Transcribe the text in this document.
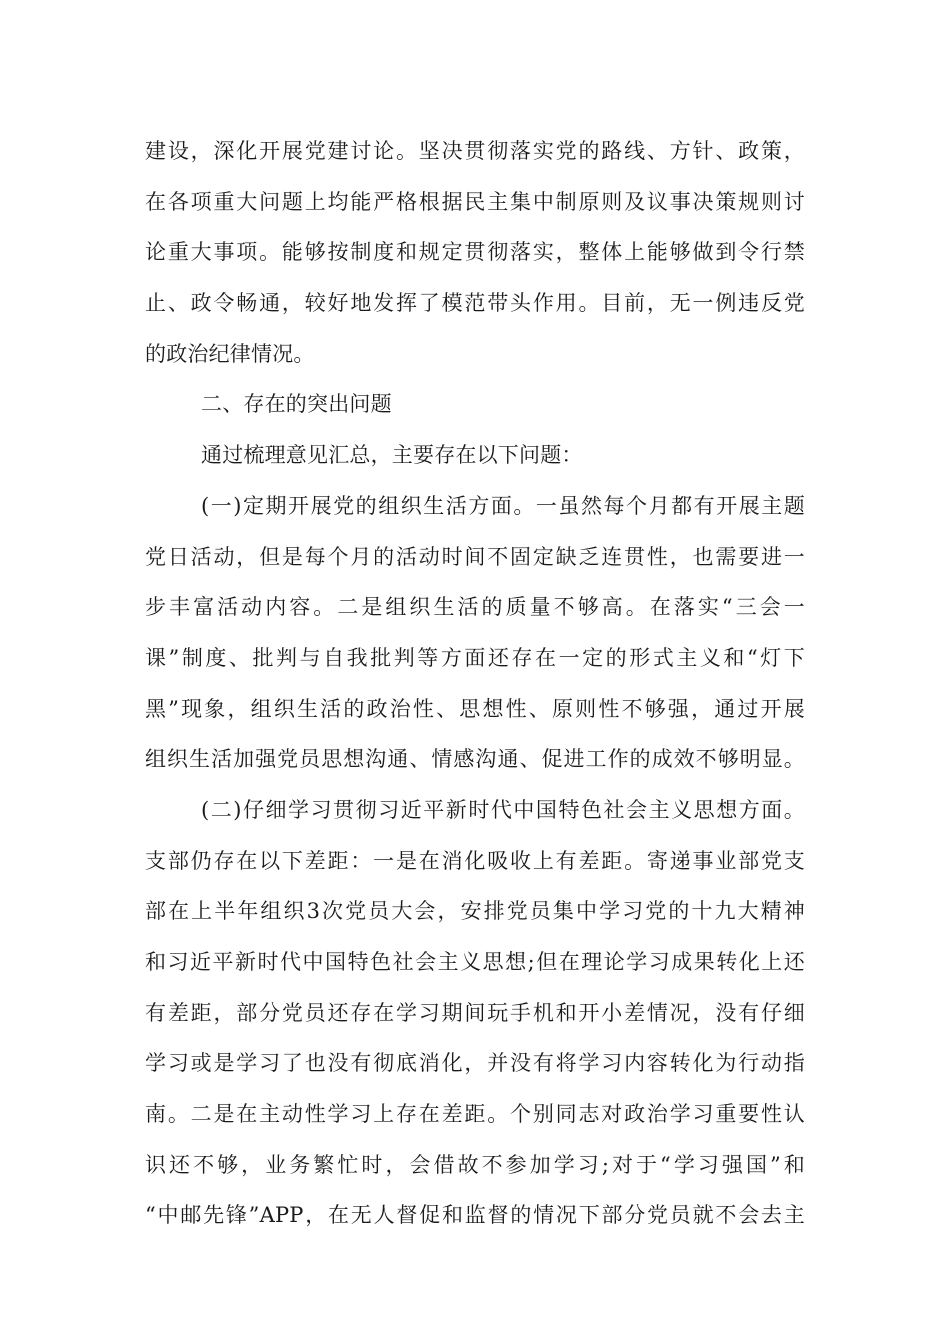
建设，深化开展党建讨论。坚决贯彻落实党的路线、方针、政策，
在各项重大问题上均能严格根据民主集中制原则及议事决策规则讨
论重大事项。能够按制度和规定贯彻落实，整体上能够做到令行禁
止、政令畅通，较好地发挥了模范带头作用。目前，无一例违反党
的政治纪律情况。
二、存在的突出问题
通过梳理意见汇总，主要存在以下问题：
(一)定期开展党的组织生活方面。一虽然每个月都有开展主题
党日活动，但是每个月的活动时间不固定缺乏连贯性，也需要进一
步丰富活动内容。二是组织生活的质量不够高。在落实“三会一
课”制度、批判与自我批判等方面还存在一定的形式主义和“灯下
黑”现象，组织生活的政治性、思想性、原则性不够强，通过开展
组织生活加强党员思想沟通、情感沟通、促进工作的成效不够明显。
(二)仔细学习贯彻习近平新时代中国特色社会主义思想方面。
支部仍存在以下差距：一是在消化吸收上有差距。寄递事业部党支
部在上半年组织3次党员大会，安排党员集中学习党的十九大精神
和习近平新时代中国特色社会主义思想;但在理论学习成果转化上还
有差距，部分党员还存在学习期间玩手机和开小差情况，没有仔细
学习或是学习了也没有彻底消化，并没有将学习内容转化为行动指
南。二是在主动性学习上存在差距。个别同志对政治学习重要性认
识还不够，业务繁忙时，会借故不参加学习;对于“学习强国”和
“中邮先锋”APP，在无人督促和监督的情况下部分党员就不会去主
